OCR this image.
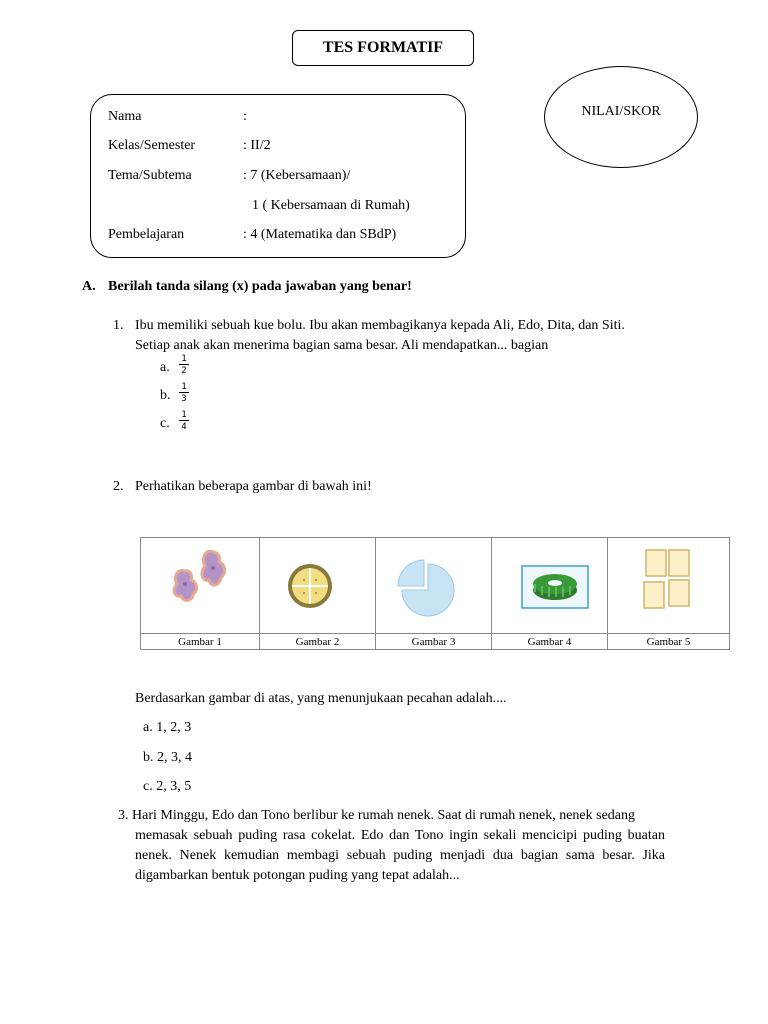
TES FORMATIF
NILAI/SKOR
Nama	:
Kelas/Semester	: II/2
Tema/Subtema	: 7 (Kebersamaan)/
1 ( Kebersamaan di Rumah)
Pembelajaran	: 4 (Matematika dan SBdP)
A. Berilah tanda silang (x) pada jawaban yang benar!
1. Ibu memiliki sebuah kue bolu. Ibu akan membagikanya kepada Ali, Edo, Dita, dan Siti.
Setiap anak akan menerima bagian sama besar. Ali mendapatkan... bagian
a.
1
2
b.
1
3
c.
1
4
2. Perhatikan beberapa gambar di bawah ini!
Gambar 1	Gambar 2	Gambar 3	Gambar 4	Gambar 5
Berdasarkan gambar di atas, yang menunjukaan pecahan adalah....
a. 1, 2, 3
b. 2, 3, 4
c. 2, 3, 5
3. Hari Minggu, Edo dan Tono berlibur ke rumah nenek. Saat di rumah nenek, nenek sedang
memasak sebuah puding rasa cokelat. Edo dan Tono ingin sekali mencicipi puding buatan
nenek. Nenek kemudian membagi sebuah puding menjadi dua bagian sama besar. Jika
digambarkan bentuk potongan puding yang tepat adalah...
